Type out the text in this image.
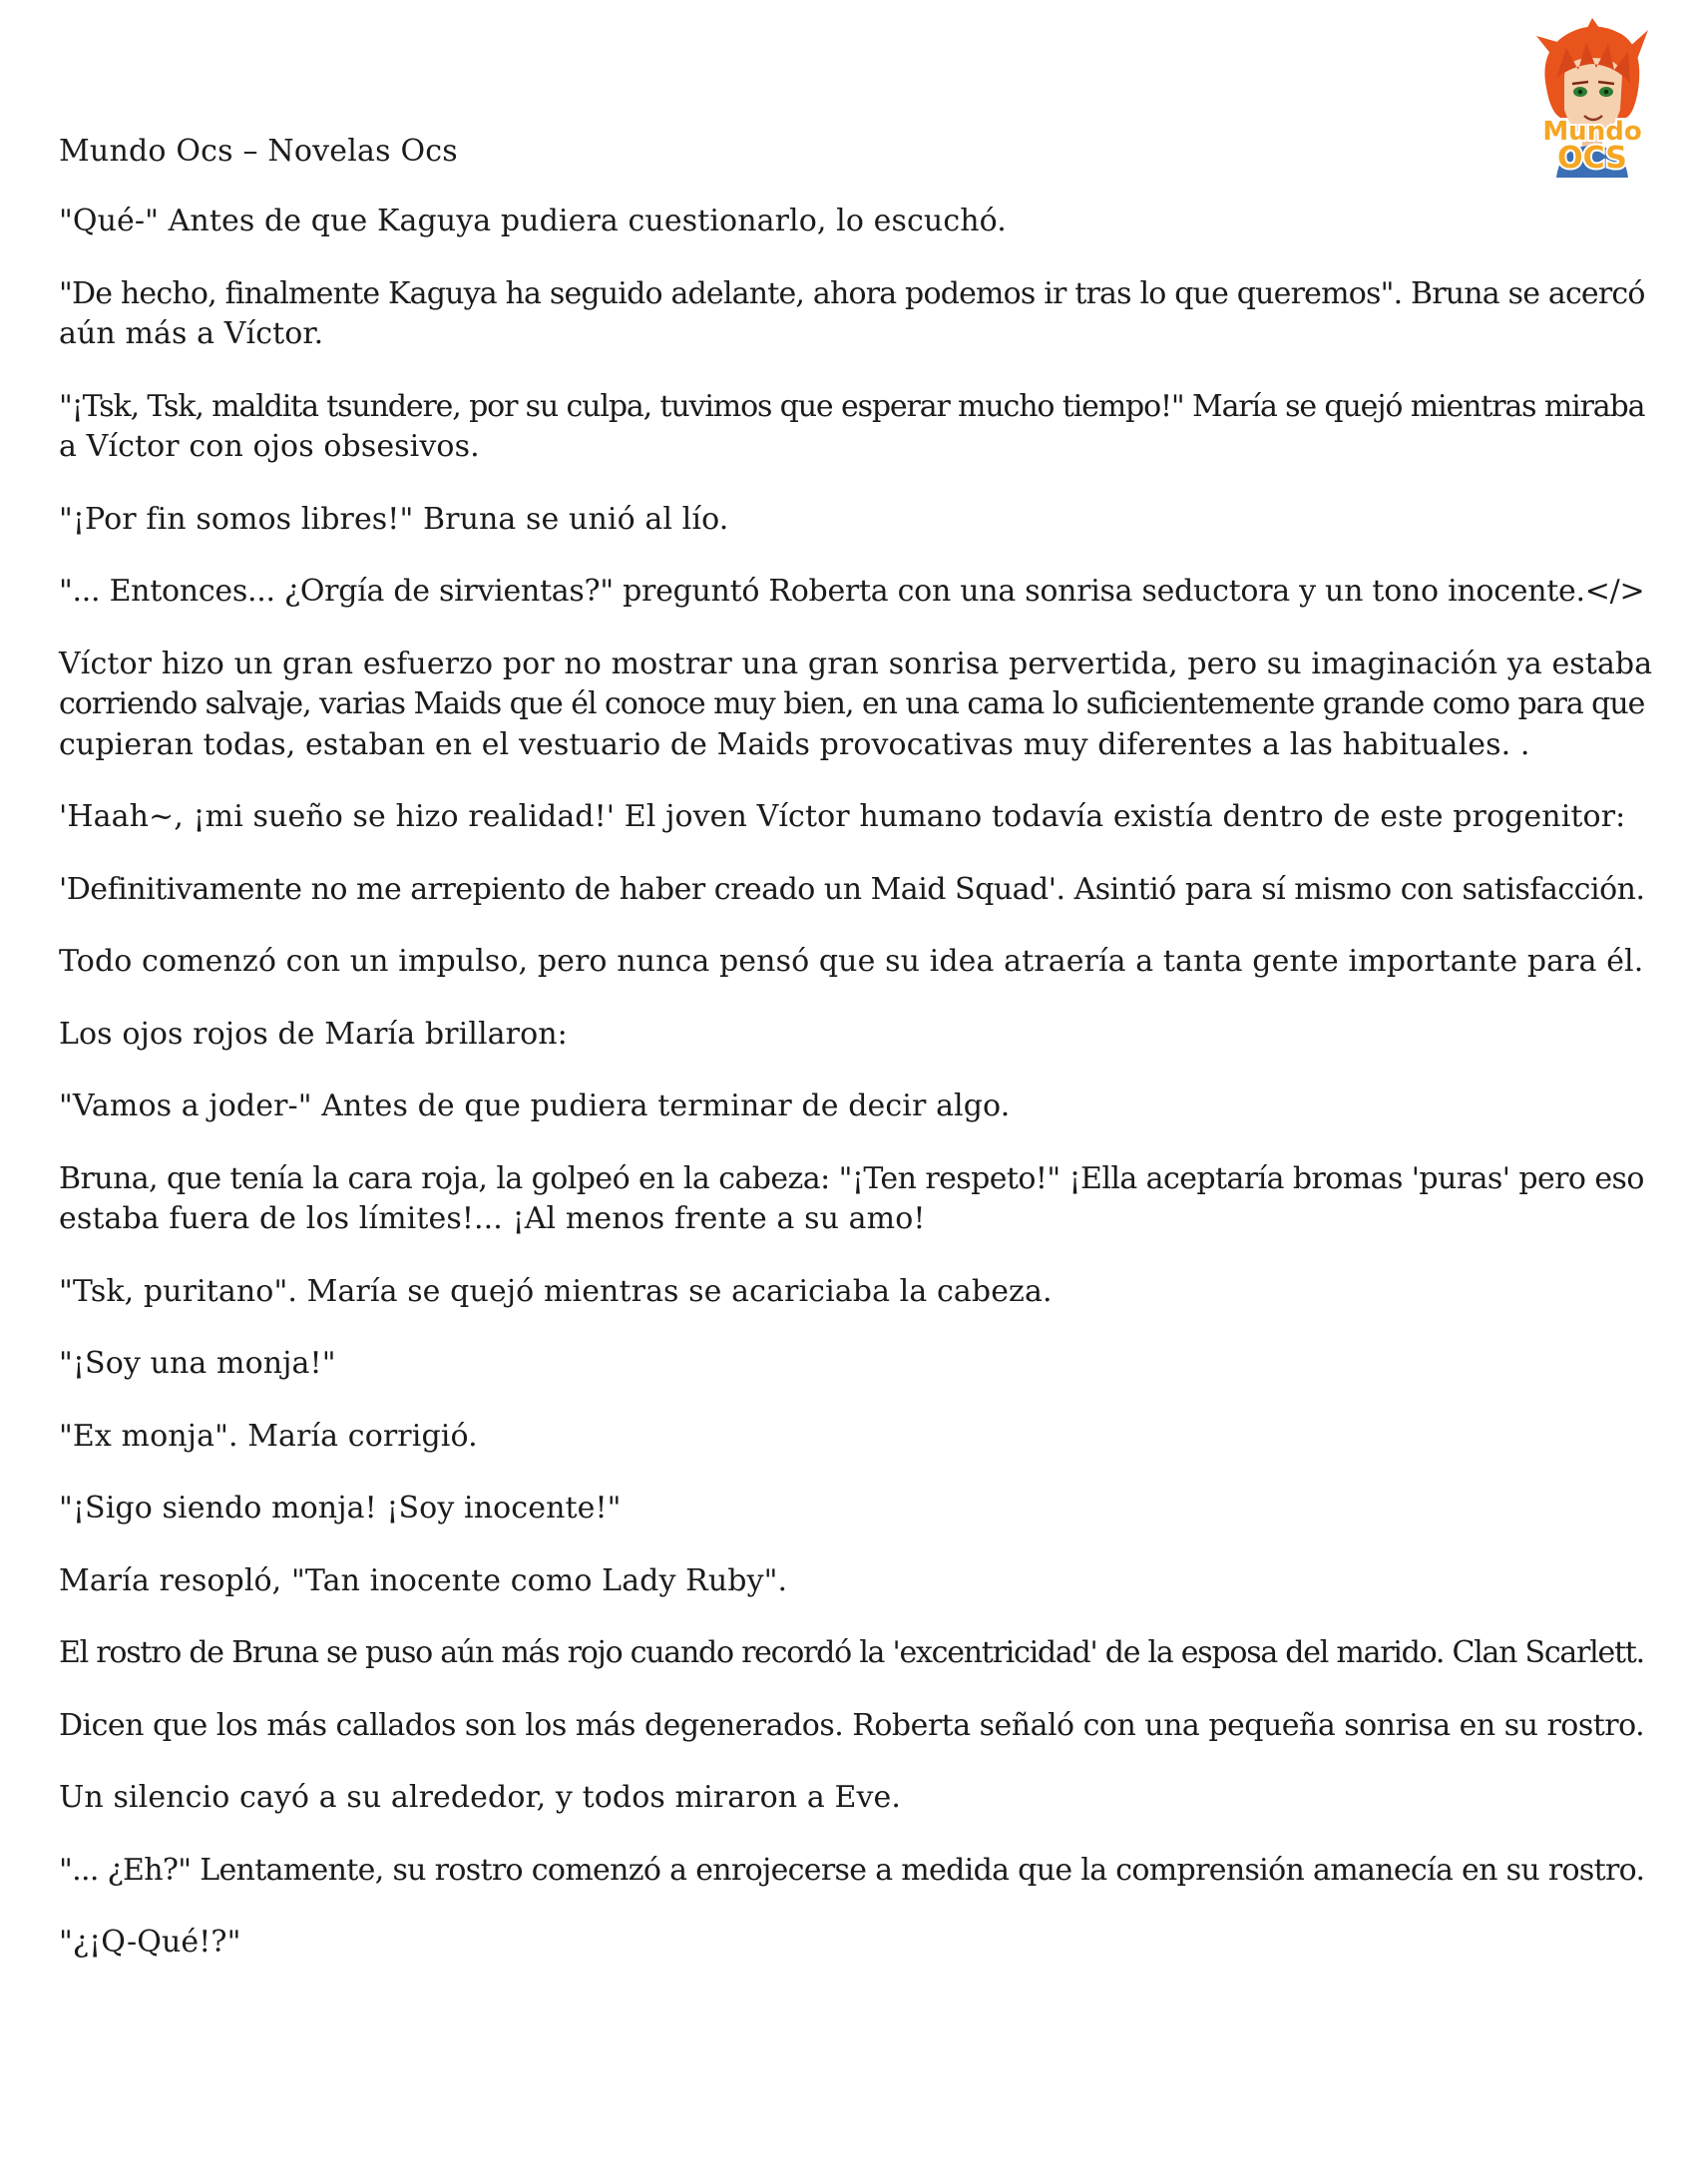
Mundo
OCS
Mundo Ocs – Novelas Ocs

"Qué-" Antes de que Kaguya pudiera cuestionarlo, lo escuchó.

"De hecho, finalmente Kaguya ha seguido adelante, ahora podemos ir tras lo que queremos". Bruna se acercó
aún más a Víctor.

"¡Tsk, Tsk, maldita tsundere, por su culpa, tuvimos que esperar mucho tiempo!" María se quejó mientras miraba
a Víctor con ojos obsesivos.

"¡Por fin somos libres!" Bruna se unió al lío.

"... Entonces... ¿Orgía de sirvientas?" preguntó Roberta con una sonrisa seductora y un tono inocente.</>

Víctor hizo un gran esfuerzo por no mostrar una gran sonrisa pervertida, pero su imaginación ya estaba
corriendo salvaje, varias Maids que él conoce muy bien, en una cama lo suficientemente grande como para que
cupieran todas, estaban en el vestuario de Maids provocativas muy diferentes a las habituales. .

'Haah~, ¡mi sueño se hizo realidad!' El joven Víctor humano todavía existía dentro de este progenitor:

'Definitivamente no me arrepiento de haber creado un Maid Squad'. Asintió para sí mismo con satisfacción.

Todo comenzó con un impulso, pero nunca pensó que su idea atraería a tanta gente importante para él.

Los ojos rojos de María brillaron:

"Vamos a joder-" Antes de que pudiera terminar de decir algo.

Bruna, que tenía la cara roja, la golpeó en la cabeza: "¡Ten respeto!" ¡Ella aceptaría bromas 'puras' pero eso
estaba fuera de los límites!... ¡Al menos frente a su amo!

"Tsk, puritano". María se quejó mientras se acariciaba la cabeza.

"¡Soy una monja!"

"Ex monja". María corrigió.

"¡Sigo siendo monja! ¡Soy inocente!"

María resopló, "Tan inocente como Lady Ruby".

El rostro de Bruna se puso aún más rojo cuando recordó la 'excentricidad' de la esposa del marido. Clan Scarlett.

Dicen que los más callados son los más degenerados. Roberta señaló con una pequeña sonrisa en su rostro.

Un silencio cayó a su alrededor, y todos miraron a Eve.

"... ¿Eh?" Lentamente, su rostro comenzó a enrojecerse a medida que la comprensión amanecía en su rostro.

"¿¡Q-Qué!?"
